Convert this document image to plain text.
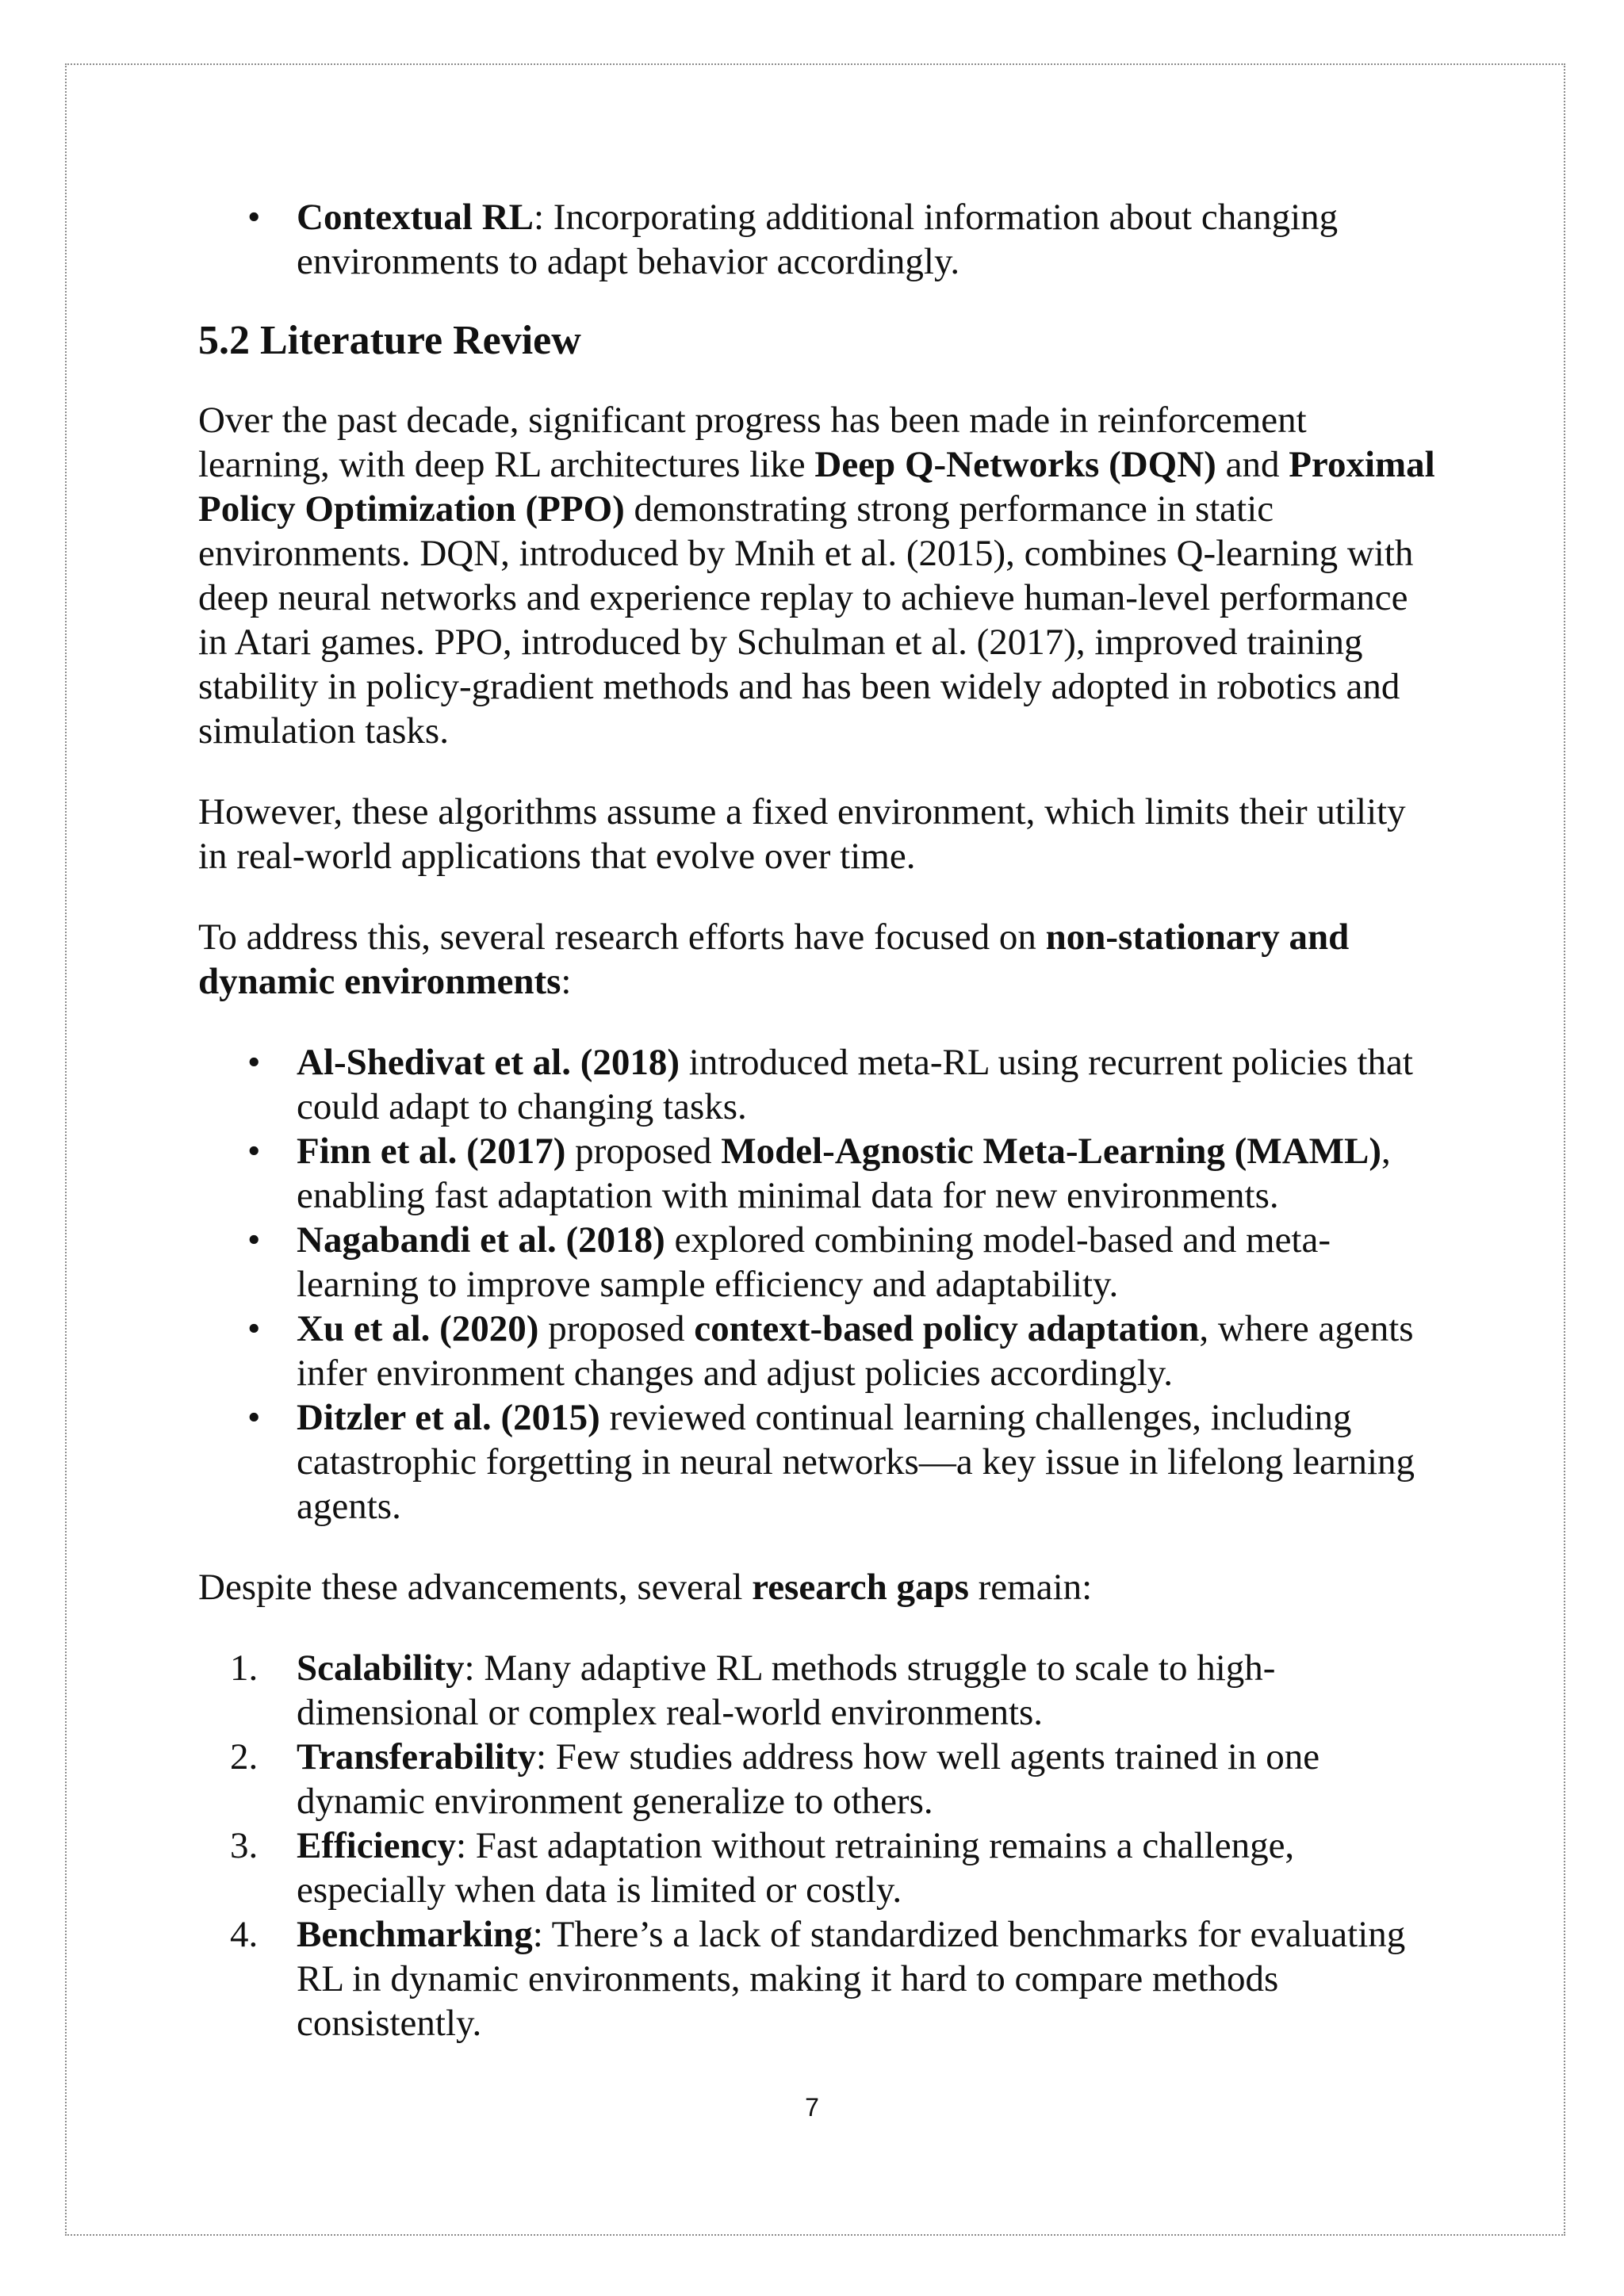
• Contextual RL: Incorporating additional information about changing environments to adapt behavior accordingly.
5.2 Literature Review

Over the past decade, significant progress has been made in reinforcement learning, with deep RL architectures like Deep Q-Networks (DQN) and Proximal Policy Optimization (PPO) demonstrating strong performance in static environments. DQN, introduced by Mnih et al. (2015), combines Q-learning with deep neural networks and experience replay to achieve human-level performance in Atari games. PPO, introduced by Schulman et al. (2017), improved training stability in policy-gradient methods and has been widely adopted in robotics and simulation tasks.

However, these algorithms assume a fixed environment, which limits their utility in real-world applications that evolve over time.

To address this, several research efforts have focused on non-stationary and dynamic environments:

• Al-Shedivat et al. (2018) introduced meta-RL using recurrent policies that could adapt to changing tasks.
• Finn et al. (2017) proposed Model-Agnostic Meta-Learning (MAML), enabling fast adaptation with minimal data for new environments.
• Nagabandi et al. (2018) explored combining model-based and meta-learning to improve sample efficiency and adaptability.
• Xu et al. (2020) proposed context-based policy adaptation, where agents infer environment changes and adjust policies accordingly.
• Ditzler et al. (2015) reviewed continual learning challenges, including catastrophic forgetting in neural networks—a key issue in lifelong learning agents.

Despite these advancements, several research gaps remain:

1.	Scalability: Many adaptive RL methods struggle to scale to high-dimensional or complex real-world environments.
2.	Transferability: Few studies address how well agents trained in one dynamic environment generalize to others.
3.	Efficiency: Fast adaptation without retraining remains a challenge, especially when data is limited or costly.
4.	Benchmarking: There’s a lack of standardized benchmarks for evaluating RL in dynamic environments, making it hard to compare methods consistently.
7
